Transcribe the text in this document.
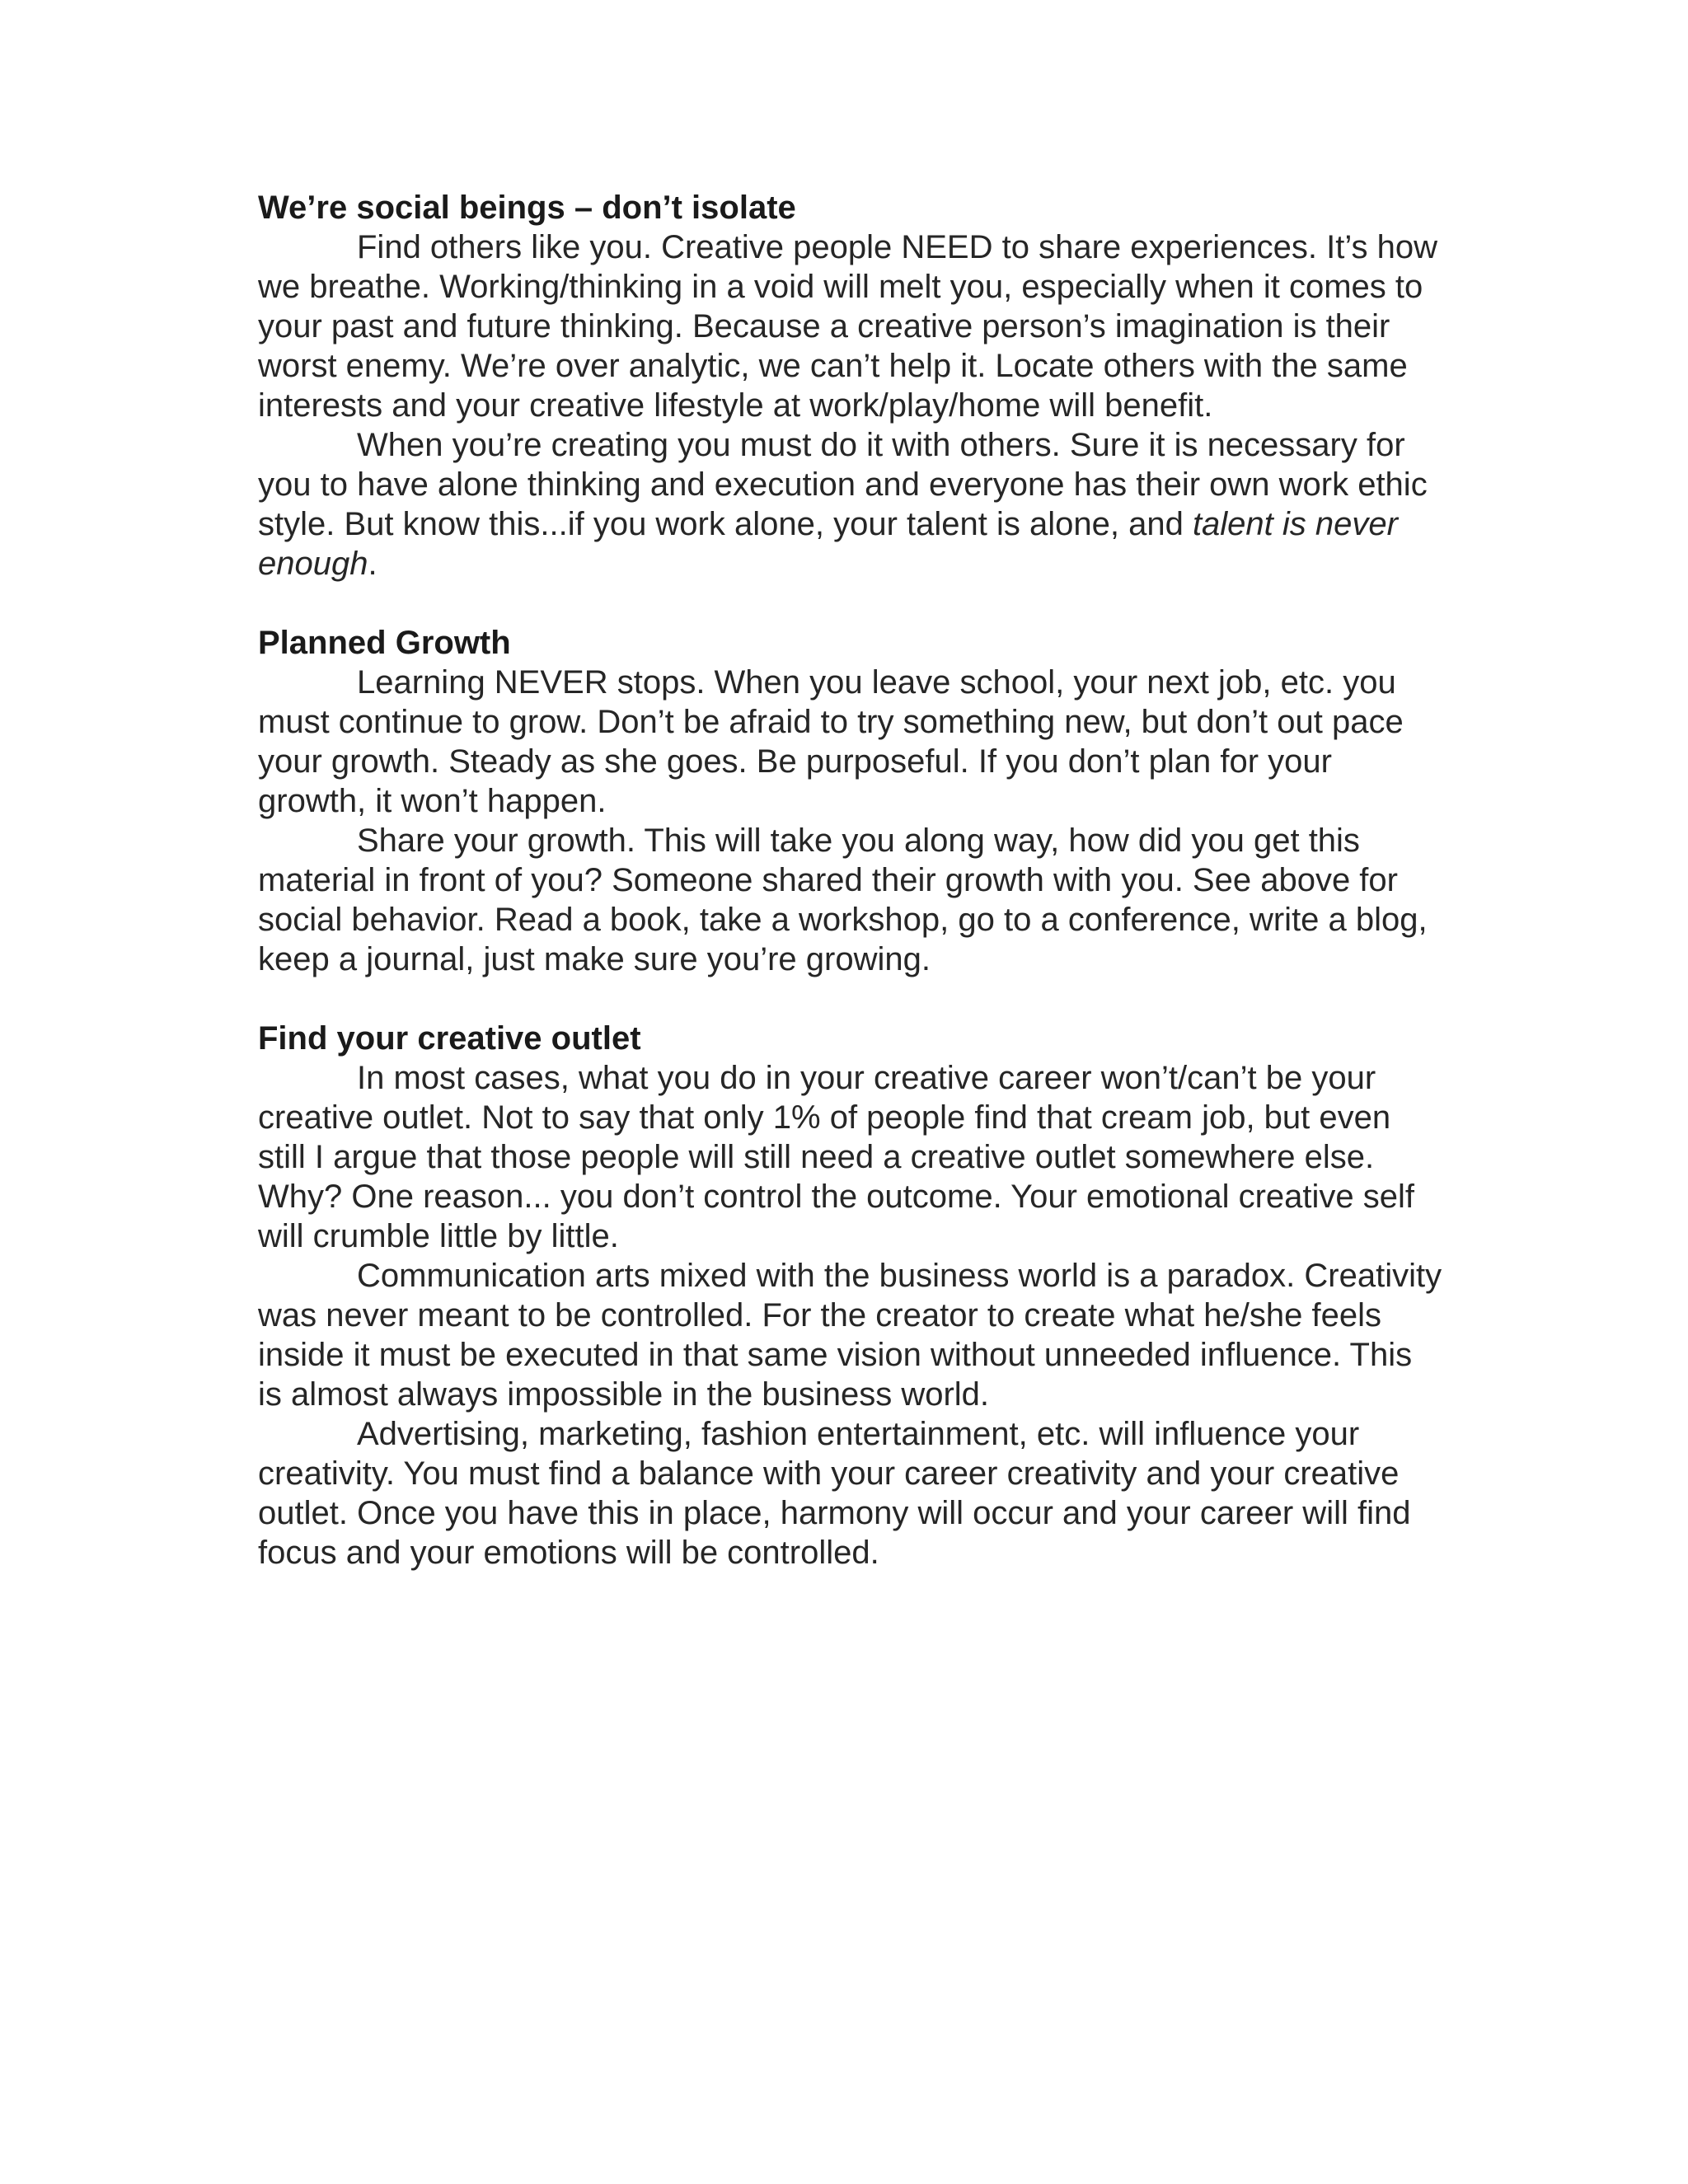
We’re social beings – don’t isolate

Find others like you. Creative people NEED to share experiences. It’s how we breathe. Working/thinking in a void will melt you, especially when it comes to your past and future thinking. Because a creative person’s imagination is their worst enemy. We’re over analytic, we can’t help it. Locate others with the same interests and your creative lifestyle at work/play/home will benefit.

When you’re creating you must do it with others. Sure it is necessary for you to have alone thinking and execution and everyone has their own work ethic style. But know this...if you work alone, your talent is alone, and talent is never enough.

Planned Growth

Learning NEVER stops. When you leave school, your next job, etc. you must continue to grow. Don’t be afraid to try something new, but don’t out pace your growth. Steady as she goes. Be purposeful. If you don’t plan for your growth, it won’t happen.

Share your growth. This will take you along way, how did you get this material in front of you? Someone shared their growth with you. See above for social behavior. Read a book, take a workshop, go to a conference, write a blog, keep a journal, just make sure you’re growing.

Find your creative outlet

In most cases, what you do in your creative career won’t/can’t be your creative outlet. Not to say that only 1% of people find that cream job, but even still I argue that those people will still need a creative outlet somewhere else. Why? One reason... you don’t control the outcome. Your emotional creative self will crumble little by little.

Communication arts mixed with the business world is a paradox. Creativity was never meant to be controlled. For the creator to create what he/she feels inside it must be executed in that same vision without unneeded influence. This is almost always impossible in the business world.

Advertising, marketing, fashion entertainment, etc. will influence your creativity. You must find a balance with your career creativity and your creative outlet. Once you have this in place, harmony will occur and your career will find focus and your emotions will be controlled.
